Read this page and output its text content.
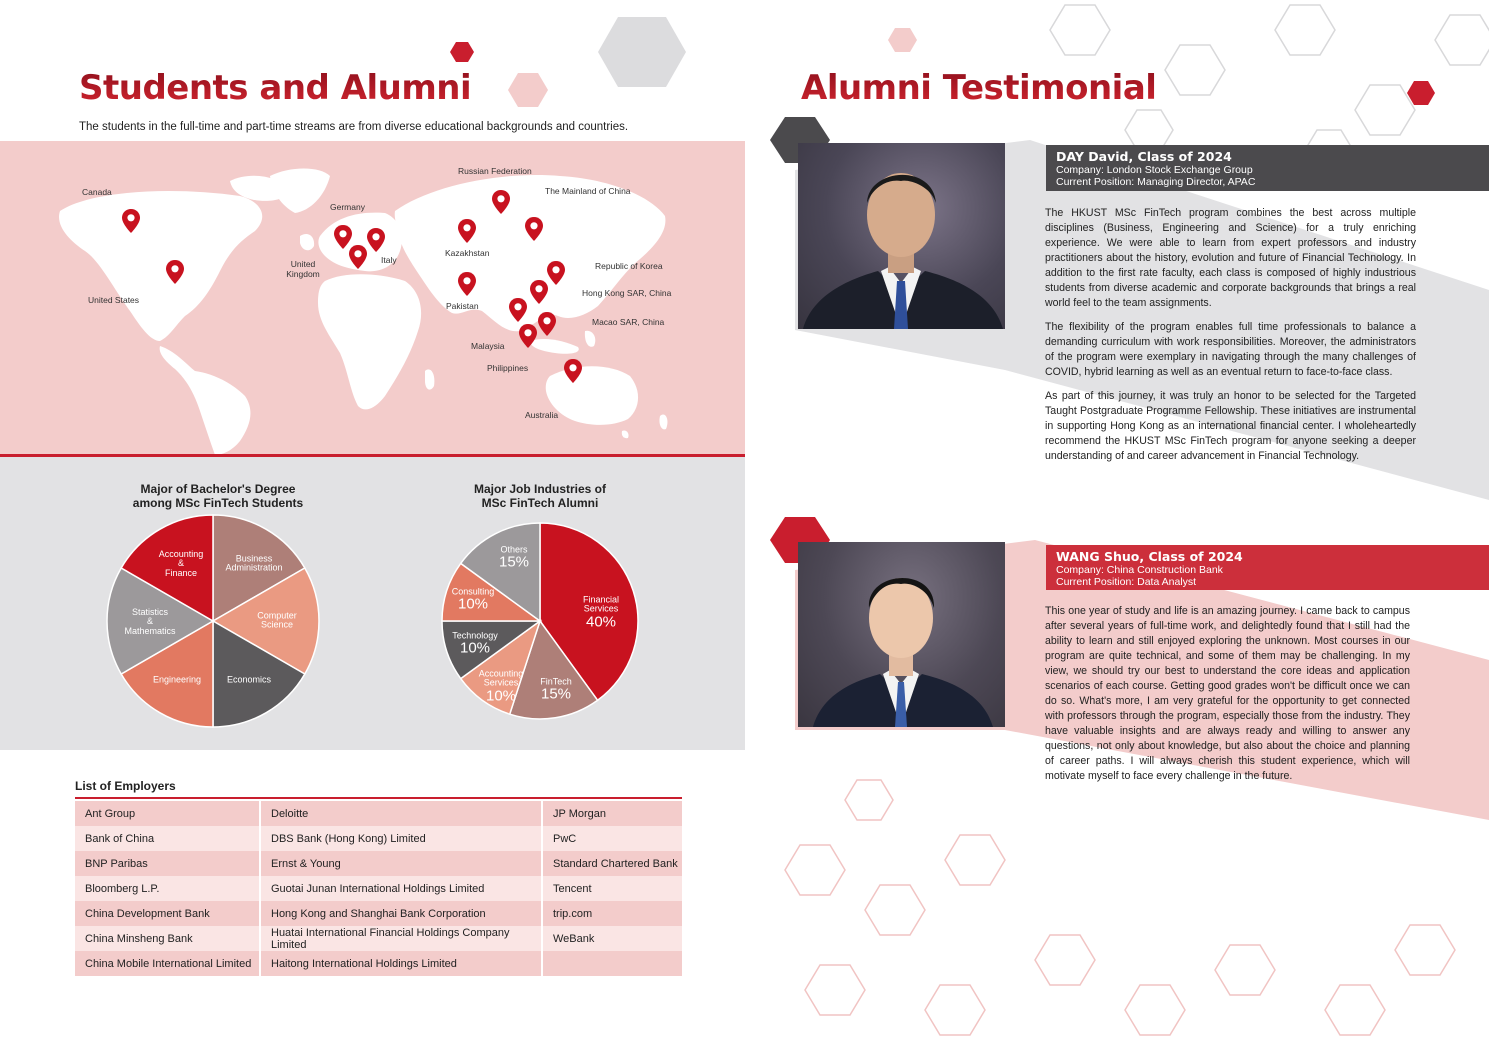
Students and Alumni
The students in the full-time and part-time streams are from diverse educational backgrounds and countries.
Canada
United States
Germany
United Kingdom
Italy
Russian Federation
The Mainland of China
Kazakhstan
Pakistan
Republic of Korea
Hong Kong SAR, China
Macao SAR, China
Malaysia
Philippines
Australia
Major of Bachelor's Degree
among MSc FinTech Students
Major Job Industries of
MSc FinTech Alumni
Business
Administration
Computer
Science
Economics
Engineering
Statistics
&
Mathematics
Accounting
&
Finance
Financial
Services
40%
FinTech
15%
Accounting
Services
10%
Technology
10%
Consulting
10%
Others
15%
List of Employers
Ant Group	Deloitte	JP Morgan
Bank of China	DBS Bank (Hong Kong) Limited	PwC
BNP Paribas	Ernst & Young	Standard Chartered Bank
Bloomberg L.P.	Guotai Junan International Holdings Limited	Tencent
China Development Bank	Hong Kong and Shanghai Bank Corporation	trip.com
China Minsheng Bank	Huatai International Financial Holdings Company Limited	WeBank
China Mobile International Limited	Haitong International Holdings Limited	
Alumni Testimonial
DAY David, Class of 2024
Company: London Stock Exchange Group
Current Position: Managing Director, APAC

The HKUST MSc FinTech program combines the best across multiple disciplines (Business, Engineering and Science) for a truly enriching experience. We were able to learn from expert professors and industry practitioners about the history, evolution and future of Financial Technology. In addition to the first rate faculty, each class is composed of highly industrious students from diverse academic and corporate backgrounds that brings a real world feel to the team assignments.

The flexibility of the program enables full time professionals to balance a demanding curriculum with work responsibilities. Moreover, the administrators of the program were exemplary in navigating through the many challenges of COVID, hybrid learning as well as an eventual return to face-to-face class.

As part of this journey, it was truly an honor to be selected for the Targeted Taught Postgraduate Programme Fellowship. These initiatives are instrumental in supporting Hong Kong as an international financial center. I wholeheartedly recommend the HKUST MSc FinTech program for anyone seeking a deeper understanding of and career advancement in Financial Technology.

WANG Shuo, Class of 2024
Company: China Construction Bank
Current Position: Data Analyst

This one year of study and life is an amazing journey. I came back to campus after several years of full-time work, and delightedly found that I still had the ability to learn and still enjoyed exploring the unknown. Most courses in our program are quite technical, and some of them may be challenging. In my view, we should try our best to understand the core ideas and application scenarios of each course. Getting good grades won't be difficult once we can do so. What's more, I am very grateful for the opportunity to get connected with professors through the program, especially those from the industry. They have valuable insights and are always ready and willing to answer any questions, not only about knowledge, but also about the choice and planning of career paths. I will always cherish this student experience, which will motivate myself to face every challenge in the future.
